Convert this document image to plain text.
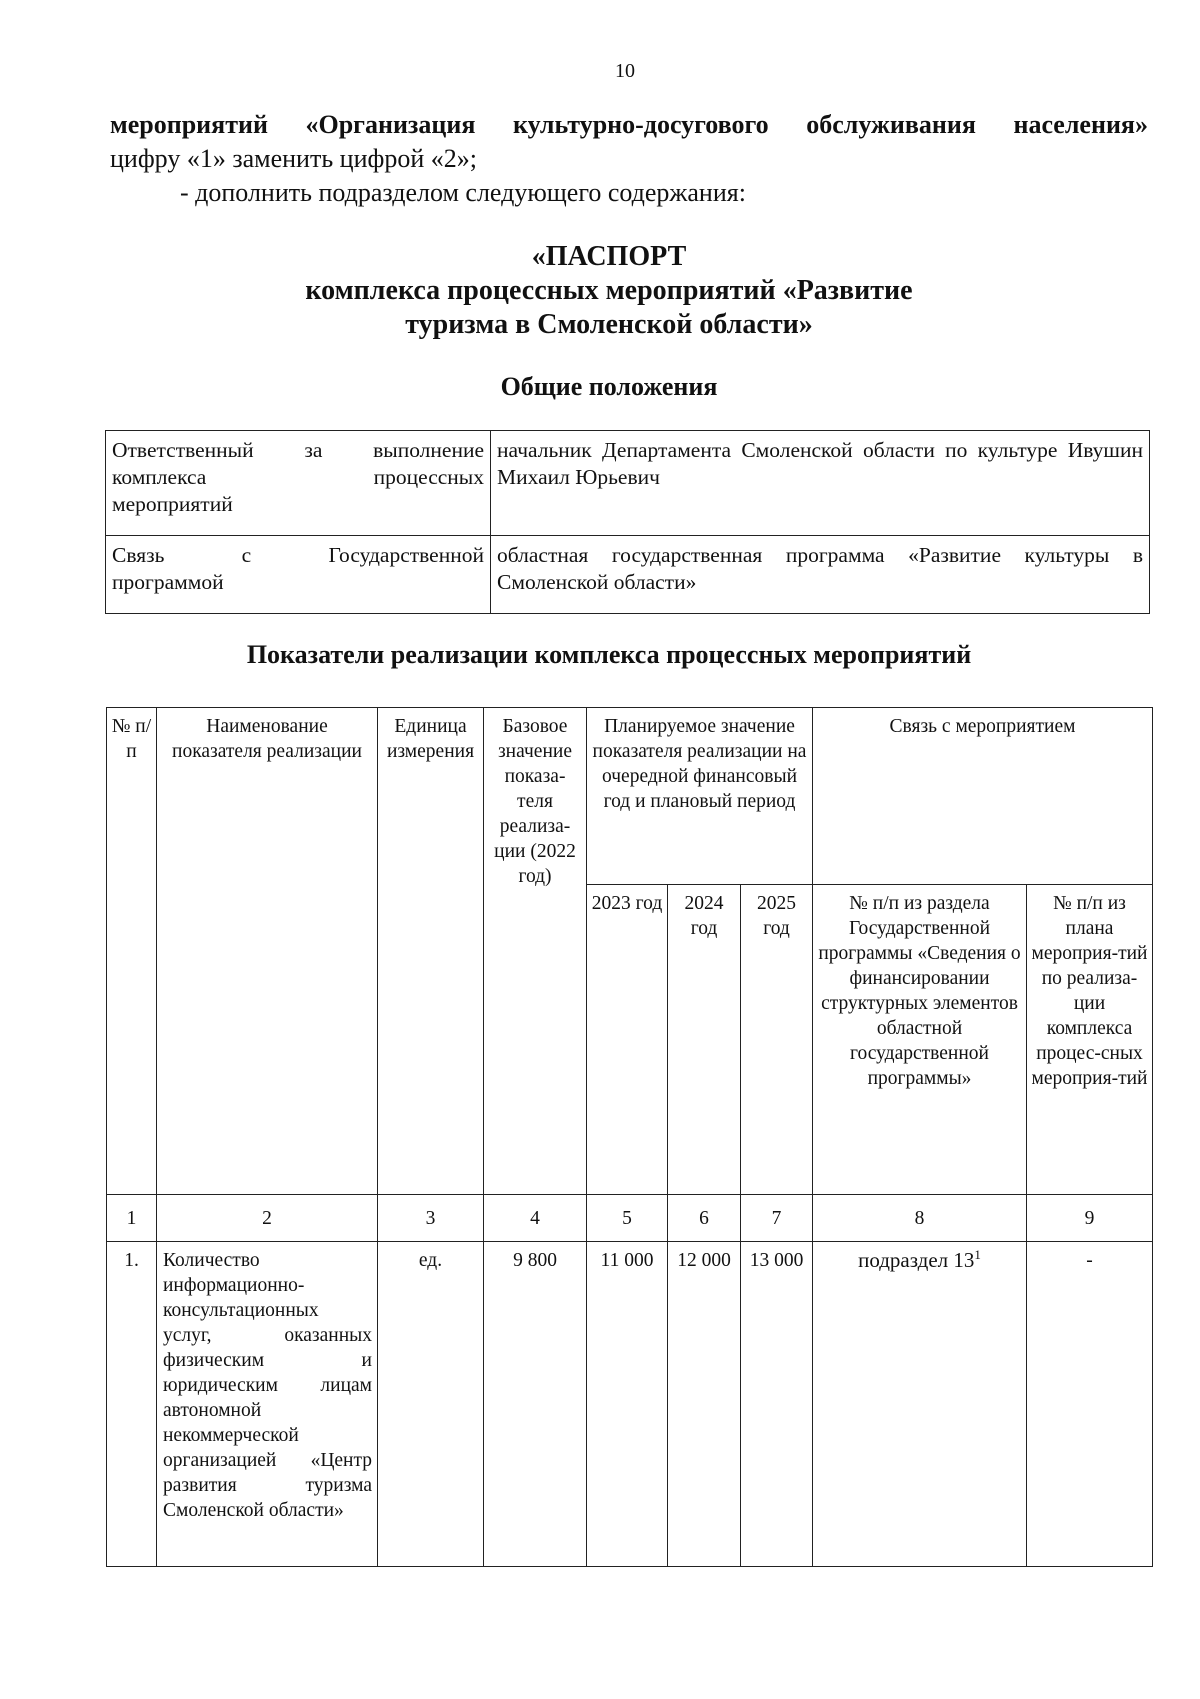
10
мероприятий «Организация культурно-досугового обслуживания населения»
цифру «1» заменить цифрой «2»;
- дополнить подразделом следующего содержания:
«ПАСПОРТ
комплекса процессных мероприятий «Развитие
туризма в Смоленской области»
Общие положения
Ответственный за выполнение комплекса процессных
мероприятий	начальник Департамента Смоленской области по культуре Ивушин Михаил Юрьевич
Связь с Государственной
программой	областная государственная программа «Развитие культуры в Смоленской области»
Показатели реализации комплекса процессных мероприятий
№ п/п	Наименование показателя реализации	Единица измерения	Базовое значение показа-теля реализа-ции (2022 год)	Планируемое значение показателя реализации на очередной финансовый год и плановый период			Связь с мероприятием	
				2023 год	2024 год	2025 год	№ п/п из раздела Государственной программы «Сведения о финансировании структурных элементов областной государственной программы»	№ п/п из плана мероприя-тий по реализа-ции комплекса процес-сных мероприя-тий
1	2	3	4	5	6	7	8	9
1.	Количество информационно-консультационных услуг, оказанных физическим и юридическим лицам автономной некоммерческой организацией «Центр развития туризма Смоленской области»	ед.	9 800	11 000	12 000	13 000	подраздел $13^1$	-
